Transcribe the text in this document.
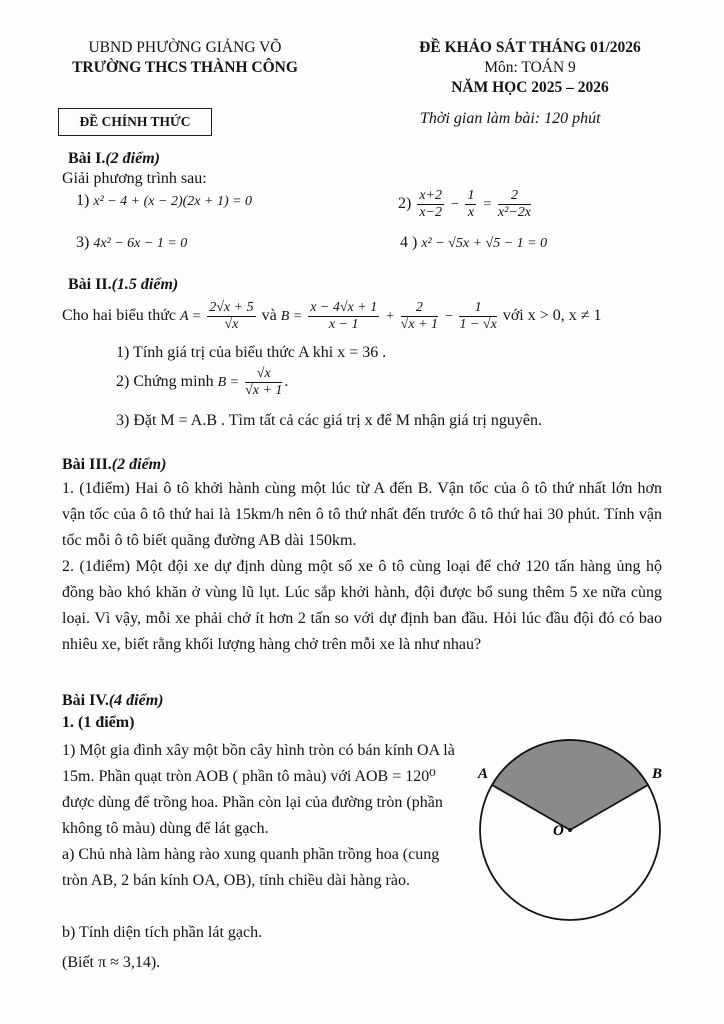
UBND PHƯỜNG GIẢNG VÕ
TRƯỜNG THCS THÀNH CÔNG
ĐỀ KHẢO SÁT THÁNG 01/2026
Môn: TOÁN 9
NĂM HỌC 2025 – 2026
ĐỀ CHÍNH THỨC	Thời gian làm bài: 120 phút
Bài I.(2 điểm)
Giải phương trình sau:
1) x² − 4 + (x − 2)(2x + 1) = 0	$2) \frac{x+2}{x-2} - \frac{1}{x} = \frac{2}{\text{x²−2x}}$
3) 4x² − 6x − 1 = 0	4 ) x² − √5x + √5 − 1 = 0
Bài II.(1.5 điểm)
Cho hai biểu thức $A = \frac{2√x + 5}{√x}$ và $B = \frac{x - 4√x + 1}{x - 1} + \frac{2}{√x + 1} - \frac{1}{1 - √x}$ với x > 0, x ≠ 1
1) Tính giá trị của biểu thức A khi x = 36 .
2) Chứng minh $B = \frac{√x}{√x + 1}$ .
3) Đặt M = A.B . Tìm tất cả các giá trị x để M nhận giá trị nguyên.
Bài III.(2 điểm)
1. (1điểm) Hai ô tô khởi hành cùng một lúc từ A đến B. Vận tốc của ô tô thứ nhất lớn hơn vận tốc của ô tô thứ hai là 15km/h nên ô tô thứ nhất đến trước ô tô thứ hai 30 phút. Tính vận tốc mỗi ô tô biết quãng đường AB dài 150km.
2. (1điểm) Một đội xe dự định dùng một số xe ô tô cùng loại để chở 120 tấn hàng ủng hộ đồng bào khó khăn ở vùng lũ lụt. Lúc sắp khởi hành, đội được bổ sung thêm 5 xe nữa cùng loại. Vì vậy, mỗi xe phải chở ít hơn 2 tấn so với dự định ban đầu. Hỏi lúc đầu đội đó có bao nhiêu xe, biết rằng khối lượng hàng chở trên mỗi xe là như nhau?
Bài IV.(4 điểm)
1. (1 điểm)
1) Một gia đình xây một bồn cây hình tròn có bán kính OA là 15m. Phần quạt tròn AOB ( phần tô màu) với AOB = 120⁰ được dùng để trồng hoa. Phần còn lại của đường tròn (phần không tô màu) dùng để lát gạch.
a) Chủ nhà làm hàng rào xung quanh phần trồng hoa (cung tròn AB, 2 bán kính OA, OB), tính chiều dài hàng rào.
b) Tính diện tích phần lát gạch.
(Biết π ≈ 3,14).
A	B
O
